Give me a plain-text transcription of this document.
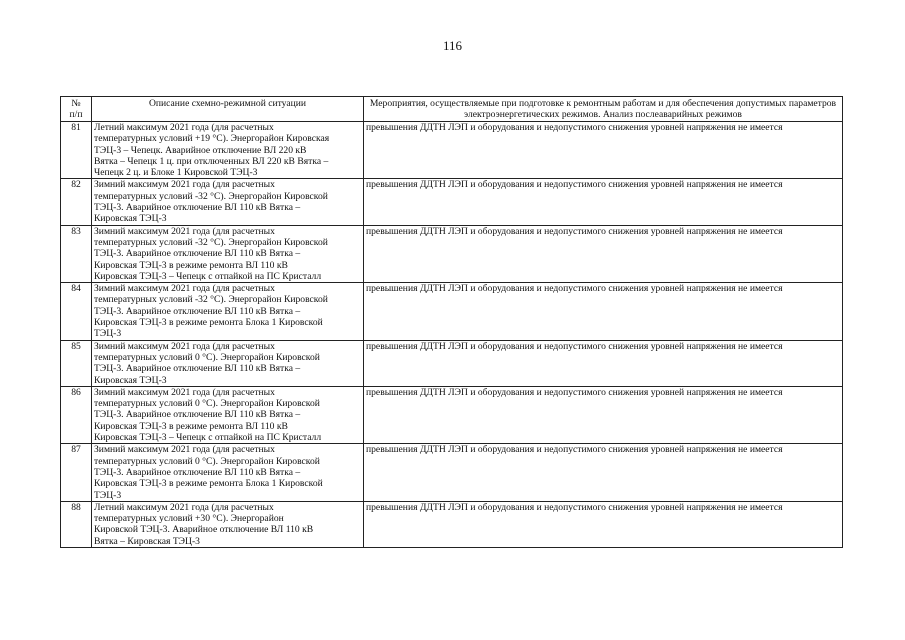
116
№
п/п	Описание схемно-режимной ситуации	Мероприятия, осуществляемые при подготовке к ремонтным работам и для обеспечения допустимых параметров электроэнергетических режимов. Анализ послеаварийных режимов
81	Летний максимум 2021 года (для расчетных
температурных условий +19 °С). Энергорайон Кировская
ТЭЦ-3 – Чепецк. Аварийное отключение ВЛ 220 кВ
Вятка – Чепецк 1 ц. при отключенных ВЛ 220 кВ Вятка –
Чепецк 2 ц. и Блоке 1 Кировской ТЭЦ-3	превышения ДДТН ЛЭП и оборудования и недопустимого снижения уровней напряжения не имеется
82	Зимний максимум 2021 года (для расчетных
температурных условий -32 °С). Энергорайон Кировской
ТЭЦ-3. Аварийное отключение ВЛ 110 кВ Вятка –
Кировская ТЭЦ-3	превышения ДДТН ЛЭП и оборудования и недопустимого снижения уровней напряжения не имеется
83	Зимний максимум 2021 года (для расчетных
температурных условий -32 °С). Энергорайон Кировской
ТЭЦ-3. Аварийное отключение ВЛ 110 кВ Вятка –
Кировская ТЭЦ-3 в режиме ремонта ВЛ 110 кВ
Кировская ТЭЦ-3 – Чепецк с отпайкой на ПС Кристалл	превышения ДДТН ЛЭП и оборудования и недопустимого снижения уровней напряжения не имеется
84	Зимний максимум 2021 года (для расчетных
температурных условий -32 °С). Энергорайон Кировской
ТЭЦ-3. Аварийное отключение ВЛ 110 кВ Вятка –
Кировская ТЭЦ-3 в режиме ремонта Блока 1 Кировской
ТЭЦ-3	превышения ДДТН ЛЭП и оборудования и недопустимого снижения уровней напряжения не имеется
85	Зимний максимум 2021 года (для расчетных
температурных условий 0 °С). Энергорайон Кировской
ТЭЦ-3. Аварийное отключение ВЛ 110 кВ Вятка –
Кировская ТЭЦ-3	превышения ДДТН ЛЭП и оборудования и недопустимого снижения уровней напряжения не имеется
86	Зимний максимум 2021 года (для расчетных
температурных условий 0 °С). Энергорайон Кировской
ТЭЦ-3. Аварийное отключение ВЛ 110 кВ Вятка –
Кировская ТЭЦ-3 в режиме ремонта ВЛ 110 кВ
Кировская ТЭЦ-3 – Чепецк с отпайкой на ПС Кристалл	превышения ДДТН ЛЭП и оборудования и недопустимого снижения уровней напряжения не имеется
87	Зимний максимум 2021 года (для расчетных
температурных условий 0 °С). Энергорайон Кировской
ТЭЦ-3. Аварийное отключение ВЛ 110 кВ Вятка –
Кировская ТЭЦ-3 в режиме ремонта Блока 1 Кировской
ТЭЦ-3	превышения ДДТН ЛЭП и оборудования и недопустимого снижения уровней напряжения не имеется
88	Летний максимум 2021 года (для расчетных
температурных условий +30 °С). Энергорайон
Кировской ТЭЦ-3. Аварийное отключение ВЛ 110 кВ
Вятка – Кировская ТЭЦ-3	превышения ДДТН ЛЭП и оборудования и недопустимого снижения уровней напряжения не имеется
